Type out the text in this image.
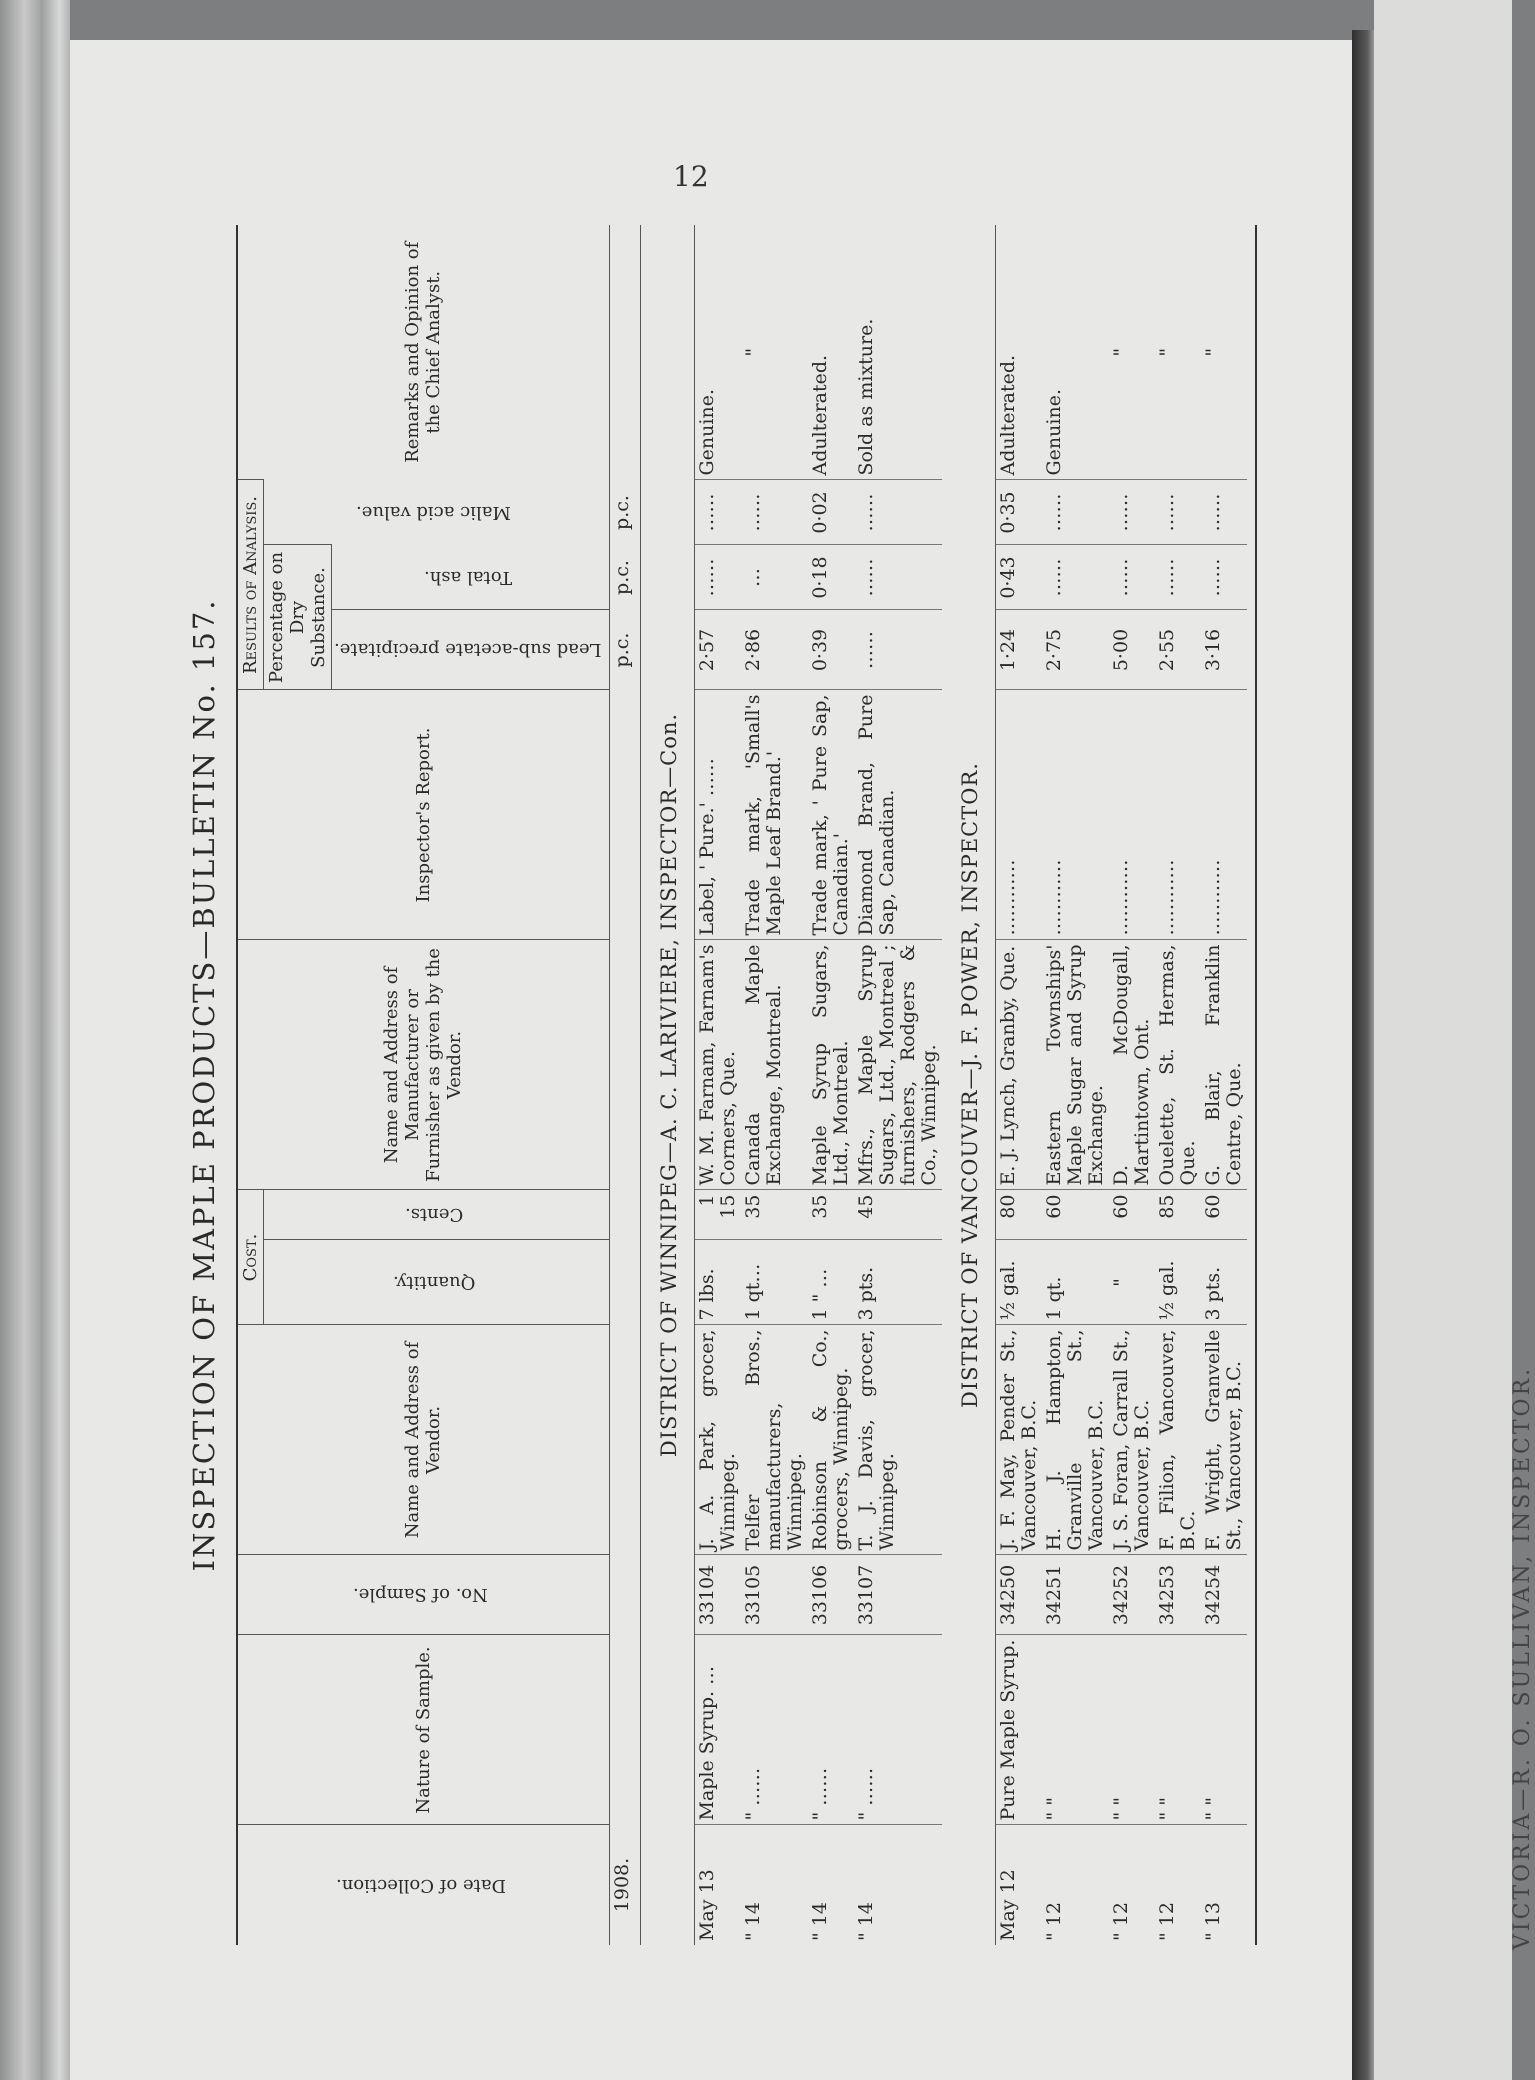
VICTORIA—R. O. SULLIVAN, INSPECTOR.
12
INSPECTION OF MAPLE PRODUCTS—BULLETIN No. 157.

Date of Collection.	Nature of Sample.	No. of Sample.	Name and Address of Vendor.	Cost.		Name and Address of Manufacturer or Furnisher as given by the Vendor.	Inspector's Report.	Results of Analysis.			Remarks and Opinion of the Chief Analyst.
				Quantity.	Cents.			Percentage on Dry Substance.		Malic acid value.	
								Lead sub-acetate precipitate.	Total ash.		
1908.								p.c.	p.c.	p.c.	
DISTRICT OF WINNIPEG—A. C. LARIVIERE, INSPECTOR—Con.											
May 13	Maple Syrup. …	33104	J. A. Park, grocer, Winnipeg.	7 lbs.	1 15	W. M. Farnam, Farnam's Corners, Que.	Label, ' Pure.' ……	2·57	……	……	Genuine.
" 14	" ……	33105	Telfer Bros., manufacturers, Winnipeg.	1 qt…	35	Canada Maple Exchange, Montreal.	Trade mark, 'Small's Maple Leaf Brand.'	2·86	…	……	"
" 14	" ……	33106	Robinson & Co., grocers, Winnipeg.	1 " …	35	Maple Syrup Sugars, Ltd., Montreal.	Trade mark, ' Pure Sap, Canadian.'	0·39	0·18	0·02	Adulterated.
" 14	" ……	33107	T. J. Davis, grocer, Winnipeg.	3 pts.	45	Mfrs., Maple Syrup Sugars, Ltd., Montreal ; furnishers, Rodgers & Co., Winnipeg.	Diamond Brand, Pure Sap, Canadian.	……	……	……	Sold as mixture.
DISTRICT OF VANCOUVER—J. F. POWER, INSPECTOR.											
May 12	Pure Maple Syrup.	34250	J. F. May, Pender St., Vancouver, B.C.	½ gal.	80	E. J. Lynch, Granby, Que.	…………	1·24	0·43	0·35	Adulterated.
" 12	" "	34251	H. J. Hampton, Granville St., Vancouver, B.C.	1 qt.	60	Eastern Townships' Maple Sugar and Syrup Exchange.	…………	2·75	……	……	Genuine.
" 12	" "	34252	J. S. Foran, Carrall St., Vancouver, B.C.	"	60	D. McDougall, Martintown, Ont.	…………	5·00	……	……	"
" 12	" "	34253	F. Filion, Vancouver, B.C.	½ gal.	85	Ouelette, St. Hermas, Que.	…………	2·55	……	……	"
" 13	" "	34254	F. Wright, Granvelle St., Vancouver, B.C.	3 pts.	60	G. Blair, Franklin Centre, Que.	…………	3·16	……	……	"
